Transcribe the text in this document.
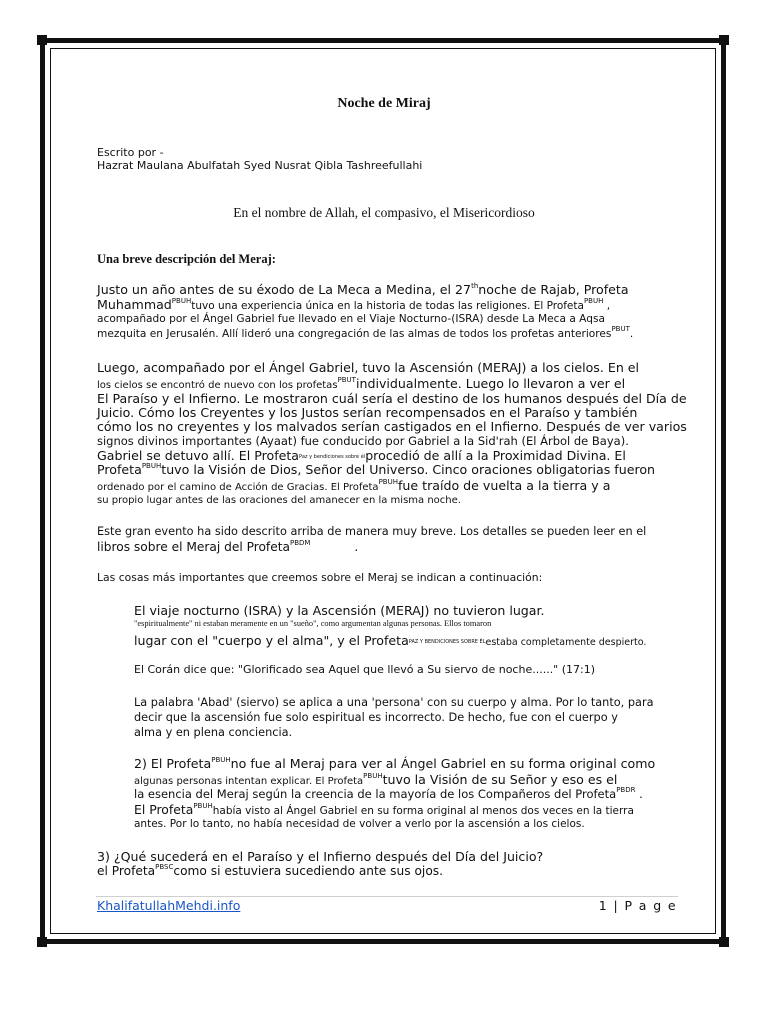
Noche de Miraj
Escrito por -
Hazrat Maulana Abulfatah Syed Nusrat Qibla Tashreefullahi
En el nombre de Allah, el compasivo, el Misericordioso
Una breve descripción del Meraj:
Justo un año antes de su éxodo de La Meca a Medina, el 27thnoche de Rajab, Profeta
Muhammad$^{PBUH}$tuvo una experiencia única en la historia de todas las religiones. El Profeta$^{PBUH}$ ,
acompañado por el Ángel Gabriel fue llevado en el Viaje Nocturno-(ISRA) desde La Meca a Aqsa
mezquita en Jerusalén. Allí lideró una congregación de las almas de todos los profetas anteriores$^{PBUT}$.
Luego, acompañado por el Ángel Gabriel, tuvo la Ascensión (MERAJ) a los cielos. En el
los cielos se encontró de nuevo con los profetas$^{PBUT}$individualmente. Luego lo llevaron a ver el
El Paraíso y el Infierno. Le mostraron cuál sería el destino de los humanos después del Día de
Juicio. Cómo los Creyentes y los Justos serían recompensados en el Paraíso y también
cómo los no creyentes y los malvados serían castigados en el Infierno. Después de ver varios
signos divinos importantes (Ayaat) fue conducido por Gabriel a la Sid'rah (El Árbol de Baya).
Gabriel se detuvo allí. El ProfetaPaz y bendiciones sobre élprocedió de allí a la Proximidad Divina. El
Profeta$^{PBUH}$tuvo la Visión de Dios, Señor del Universo. Cinco oraciones obligatorias fueron
ordenado por el camino de Acción de Gracias. El Profeta$^{PBUH}$fue traído de vuelta a la tierra y a
su propio lugar antes de las oraciones del amanecer en la misma noche.
Este gran evento ha sido descrito arriba de manera muy breve. Los detalles se pueden leer en el
libros sobre el Meraj del Profeta$^{PBDM}$	.
Las cosas más importantes que creemos sobre el Meraj se indican a continuación:
El viaje nocturno (ISRA) y la Ascensión (MERAJ) no tuvieron lugar.
"espiritualmente" ni estaban meramente en un "sueño", como argumentan algunas personas. Ellos tomaron
lugar con el "cuerpo y el alma", y el ProfetaPAZ Y BENDICIONES SOBRE ÉLestaba completamente despierto.
El Corán dice que: "Glorificado sea Aquel que llevó a Su siervo de noche......" (17:1)
La palabra 'Abad' (siervo) se aplica a una 'persona' con su cuerpo y alma. Por lo tanto, para
decir que la ascensión fue solo espiritual es incorrecto. De hecho, fue con el cuerpo y
alma y en plena conciencia.
2) El Profeta$^{PBUH}$no fue al Meraj para ver al Ángel Gabriel en su forma original como
algunas personas intentan explicar. El Profeta$^{PBUH}$tuvo la Visión de su Señor y eso es el
la esencia del Meraj según la creencia de la mayoría de los Compañeros del Profeta$^{PBDR}$ .
El Profeta$^{PBUH}$había visto al Ángel Gabriel en su forma original al menos dos veces en la tierra
antes. Por lo tanto, no había necesidad de volver a verlo por la ascensión a los cielos.
3) ¿Qué sucederá en el Paraíso y el Infierno después del Día del Juicio?
el Profeta$^{PBSC}$como si estuviera sucediendo ante sus ojos.
KhalifatullahMehdi.info	1 | P a g e
